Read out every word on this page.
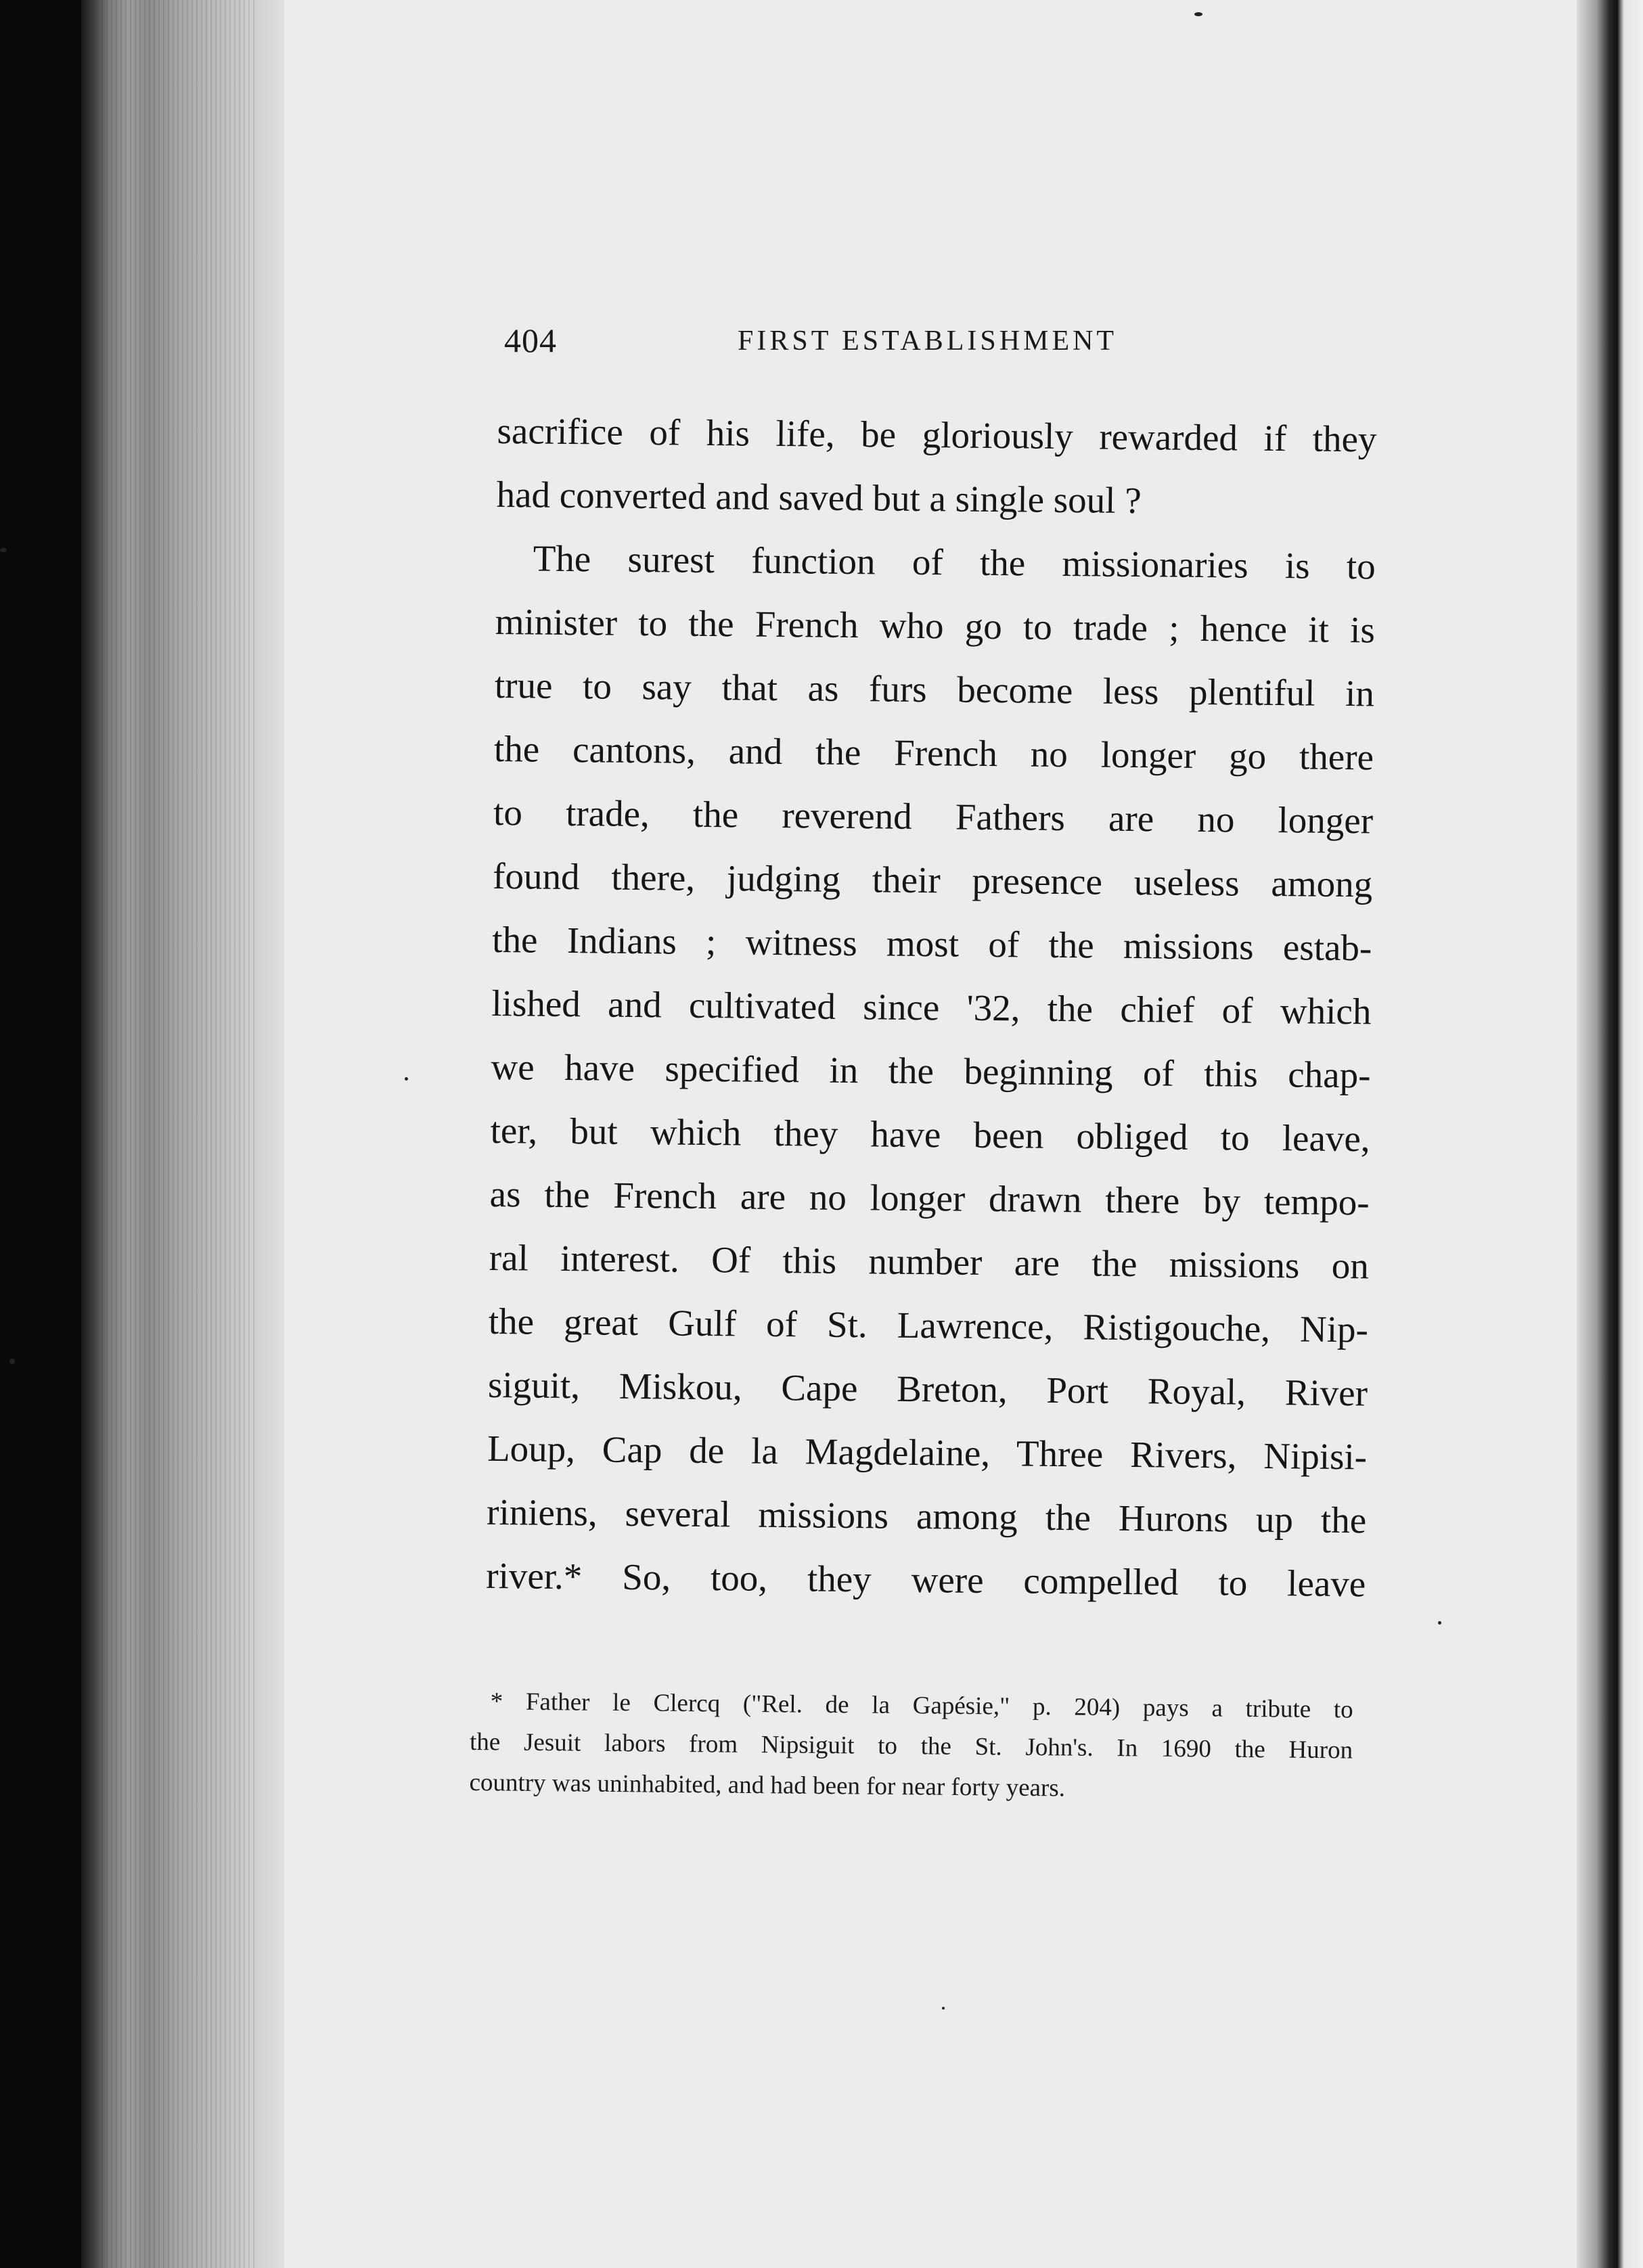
404	FIRST ESTABLISHMENT
sacrifice of his life, be gloriously rewarded if they
had converted and saved but a single soul ?
The surest function of the missionaries is to
minister to the French who go to trade ; hence it is
true to say that as furs become less plentiful in
the cantons, and the French no longer go there
to trade, the reverend Fathers are no longer
found there, judging their presence useless among
the Indians ; witness most of the missions estab-
lished and cultivated since '32, the chief of which
we have specified in the beginning of this chap-
ter, but which they have been obliged to leave,
as the French are no longer drawn there by tempo-
ral interest. Of this number are the missions on
the great Gulf of St. Lawrence, Ristigouche, Nip-
siguit, Miskou, Cape Breton, Port Royal, River
Loup, Cap de la Magdelaine, Three Rivers, Nipisi-
riniens, several missions among the Hurons up the
river.* So, too, they were compelled to leave
* Father le Clercq ("Rel. de la Gapésie," p. 204) pays a tribute to
the Jesuit labors from Nipsiguit to the St. John's. In 1690 the Huron
country was uninhabited, and had been for near forty years.
